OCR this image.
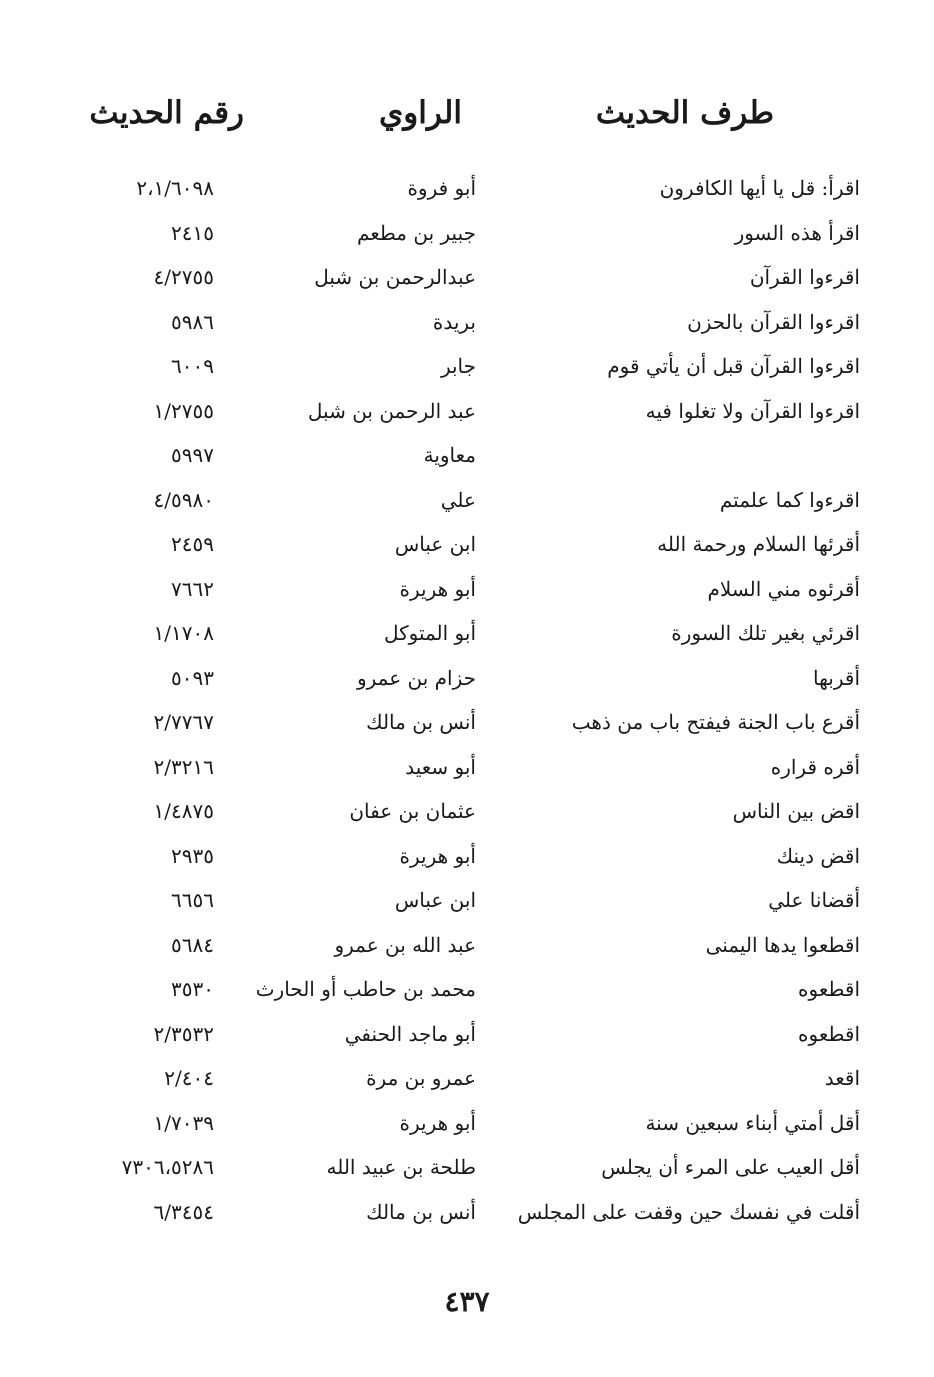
طرف الحديث
الراوي
رقم الحديث
اقرأ: قل يا أيها الكافرون
أبو فروة
٢،١/٦٠٩٨
اقرأ هذه السور
جبير بن مطعم
٢٤١٥
اقرءوا القرآن
عبدالرحمن بن شبل
٤/٢٧٥٥
اقرءوا القرآن بالحزن
بريدة
٥٩٨٦
اقرءوا القرآن قبل أن يأتي قوم
جابر
٦٠٠٩
اقرءوا القرآن ولا تغلوا فيه
عبد الرحمن بن شبل
١/٢٧٥٥
معاوية
٥٩٩٧
اقرءوا كما علمتم
علي
٤/٥٩٨٠
أقرئها السلام ورحمة الله
ابن عباس
٢٤٥٩
أقرئوه مني السلام
أبو هريرة
٧٦٦٢
اقرئي بغير تلك السورة
أبو المتوكل
١/١٧٠٨
أقربها
حزام بن عمرو
٥٠٩٣
أقرع باب الجنة فيفتح باب من ذهب
أنس بن مالك
٢/٧٧٦٧
أقره قراره
أبو سعيد
٢/٣٢١٦
اقض بين الناس
عثمان بن عفان
١/٤٨٧٥
اقض دينك
أبو هريرة
٢٩٣٥
أقضانا علي
ابن عباس
٦٦٥٦
اقطعوا يدها اليمنى
عبد الله بن عمرو
٥٦٨٤
اقطعوه
محمد بن حاطب أو الحارث
٣٥٣٠
اقطعوه
أبو ماجد الحنفي
٢/٣٥٣٢
اقعد
عمرو بن مرة
٢/٤٠٤
أقل أمتي أبناء سبعين سنة
أبو هريرة
١/٧٠٣٩
أقل العيب على المرء أن يجلس
طلحة بن عبيد الله
٧٣٠٦،٥٢٨٦
أقلت في نفسك حين وقفت على المجلس
أنس بن مالك
٦/٣٤٥٤
٤٣٧
